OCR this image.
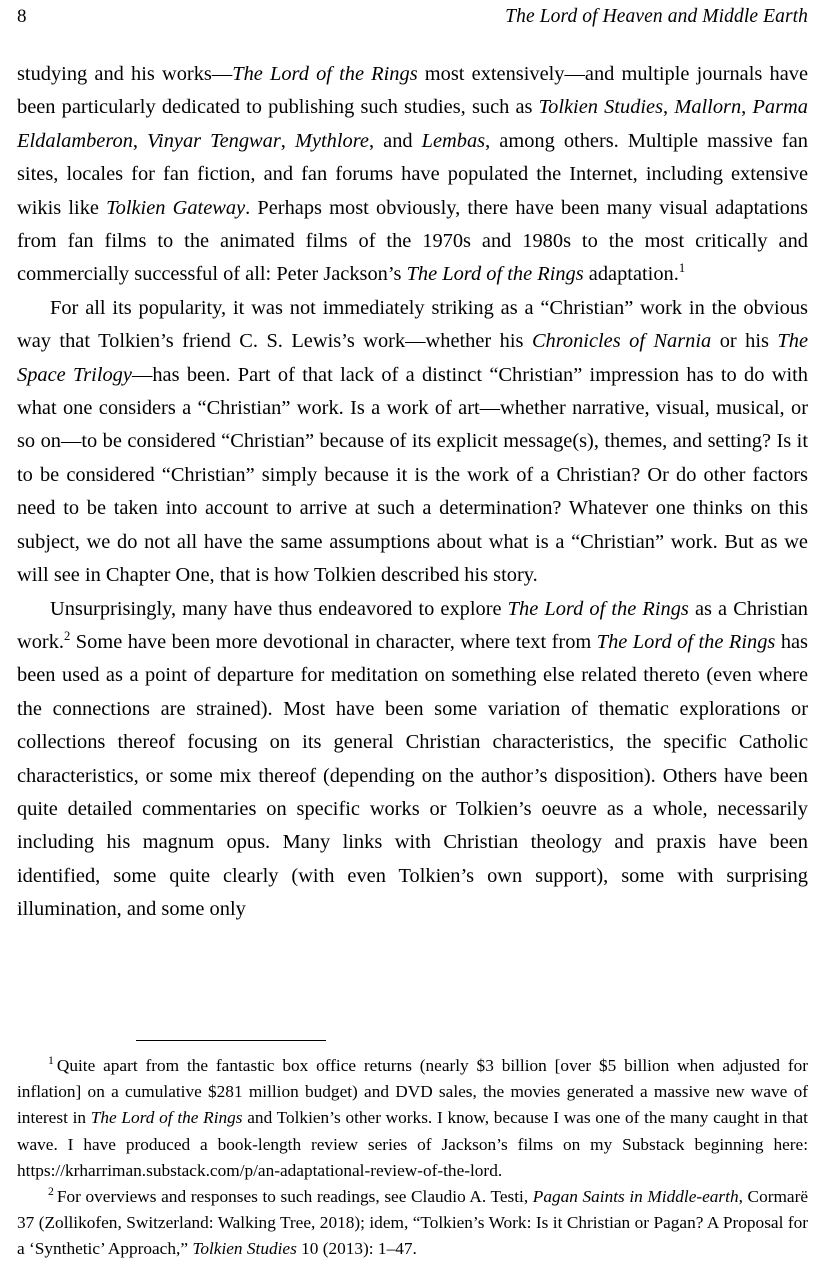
8	The Lord of Heaven and Middle Earth

studying and his works—The Lord of the Rings most extensively—and multiple journals have been particularly dedicated to publishing such studies, such as Tolkien Studies, Mallorn, Parma Eldalamberon, Vinyar Tengwar, Mythlore, and Lembas, among others. Multiple massive fan sites, locales for fan fiction, and fan forums have populated the Internet, including extensive wikis like Tolkien Gateway. Perhaps most obviously, there have been many visual adaptations from fan films to the animated films of the 1970s and 1980s to the most critically and commercially successful of all: Peter Jackson’s The Lord of the Rings adaptation.$^1$

For all its popularity, it was not immediately striking as a “Christian” work in the obvious way that Tolkien’s friend C. S. Lewis’s work—whether his Chronicles of Narnia or his The Space Trilogy—has been. Part of that lack of a distinct “Christian” impression has to do with what one considers a “Christian” work. Is a work of art—whether narrative, visual, musical, or so on—to be considered “Christian” because of its explicit message(s), themes, and setting? Is it to be considered “Christian” simply because it is the work of a Christian? Or do other factors need to be taken into account to arrive at such a determination? Whatever one thinks on this subject, we do not all have the same assumptions about what is a “Christian” work. But as we will see in Chapter One, that is how Tolkien described his story.

Unsurprisingly, many have thus endeavored to explore The Lord of the Rings as a Christian work.$^2$ Some have been more devotional in character, where text from The Lord of the Rings has been used as a point of departure for meditation on something else related thereto (even where the connections are strained). Most have been some variation of thematic explorations or collections thereof focusing on its general Christian characteristics, the specific Catholic characteristics, or some mix thereof (depending on the author’s disposition). Others have been quite detailed commentaries on specific works or Tolkien’s oeuvre as a whole, necessarily including his magnum opus. Many links with Christian theology and praxis have been identified, some quite clearly (with even Tolkien’s own support), some with surprising illumination, and some only

$^1$ Quite apart from the fantastic box office returns (nearly $3 billion [over $5 billion when adjusted for inflation] on a cumulative $281 million budget) and DVD sales, the movies generated a massive new wave of interest in The Lord of the Rings and Tolkien’s other works. I know, because I was one of the many caught in that wave. I have produced a book-length review series of Jackson’s films on my Substack beginning here: https://krharriman.substack.com/p/an-adaptational-review-of-the-lord.

$^2$ For overviews and responses to such readings, see Claudio A. Testi, Pagan Saints in Middle-earth, Cormarë 37 (Zollikofen, Switzerland: Walking Tree, 2018); idem, “Tolkien’s Work: Is it Christian or Pagan? A Proposal for a ‘Synthetic’ Approach,” Tolkien Studies 10 (2013): 1–47.
